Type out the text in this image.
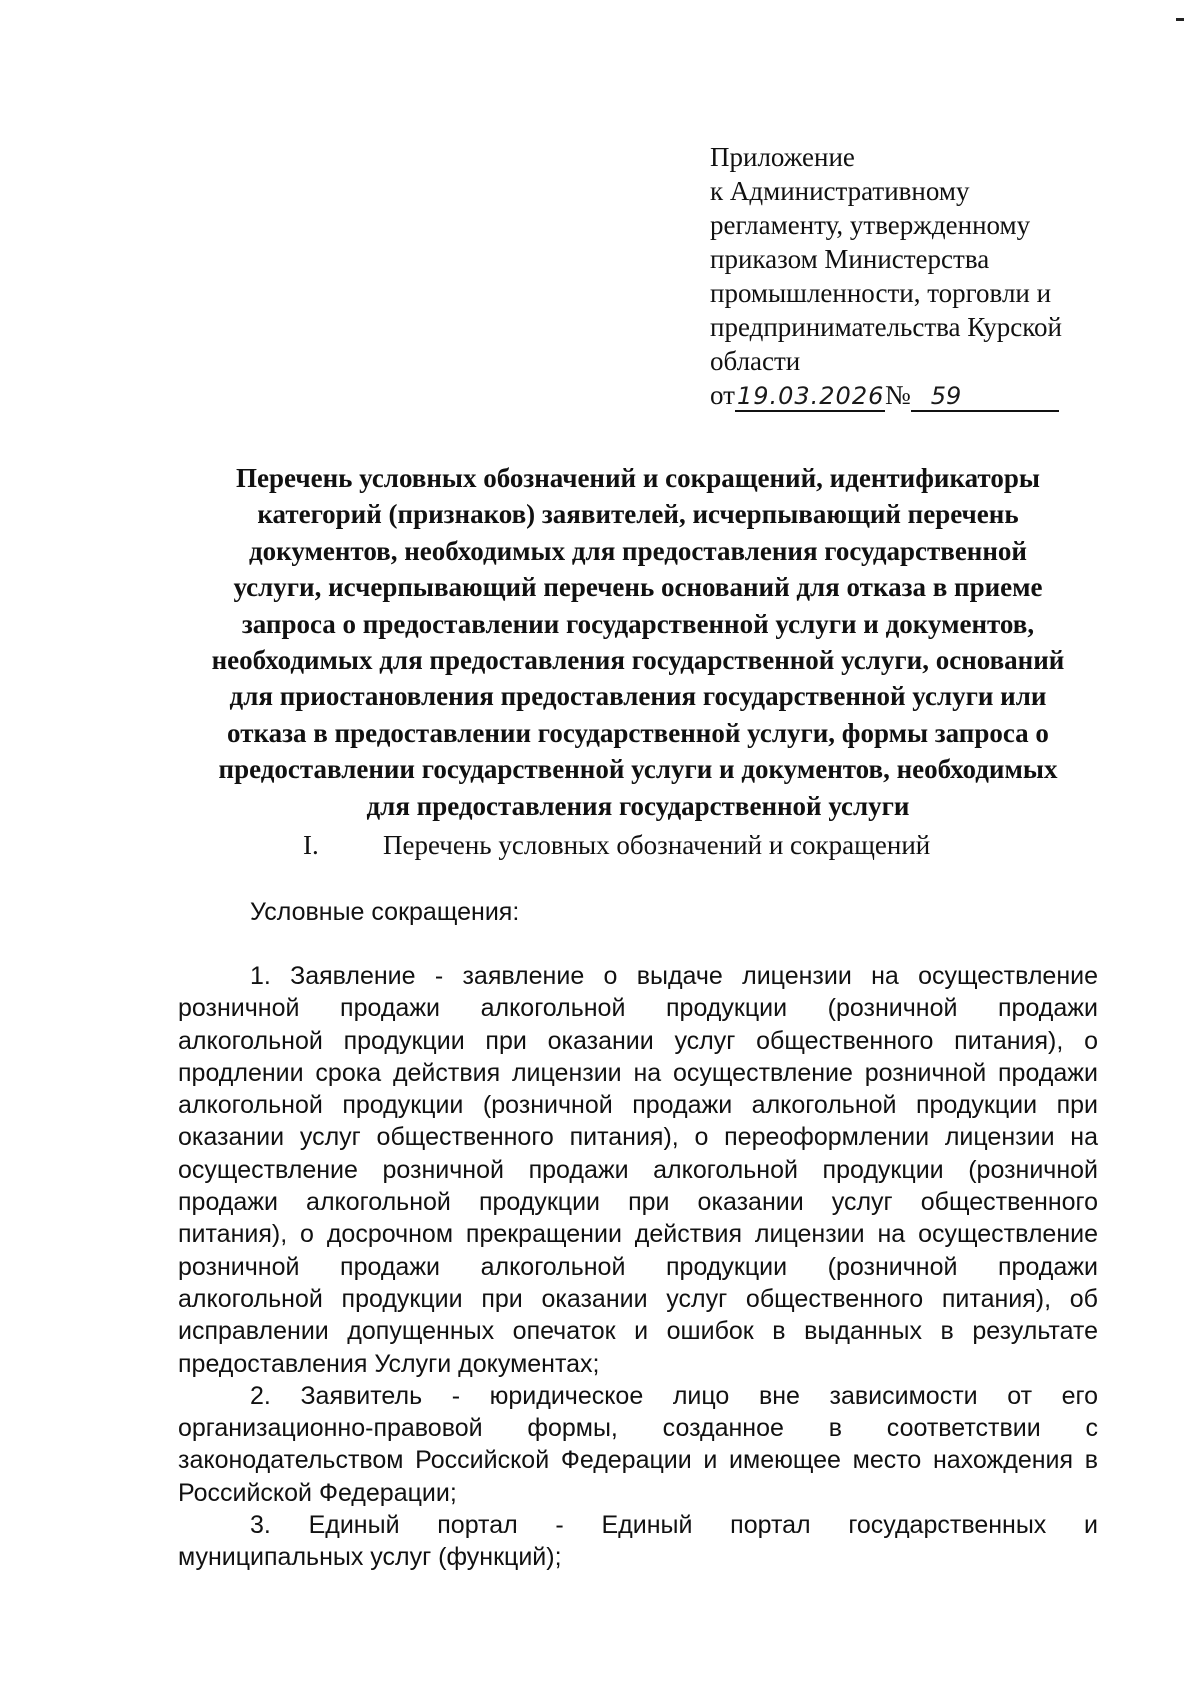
Приложение
к Административному
регламенту, утвержденному
приказом Министерства
промышленности, торговли и
предпринимательства Курской
области
от 19.03.2026 № 59
Перечень условных обозначений и сокращений, идентификаторы
категорий (признаков) заявителей, исчерпывающий перечень
документов, необходимых для предоставления государственной
услуги, исчерпывающий перечень оснований для отказа в приеме
запроса о предоставлении государственной услуги и документов,
необходимых для предоставления государственной услуги, оснований
для приостановления предоставления государственной услуги или
отказа в предоставлении государственной услуги, формы запроса о
предоставлении государственной услуги и документов, необходимых
для предоставления государственной услуги
I. Перечень условных обозначений и сокращений
Условные сокращения:
1. Заявление - заявление о выдаче лицензии на осуществление
розничной продажи алкогольной продукции (розничной продажи
алкогольной продукции при оказании услуг общественного питания), о
продлении срока действия лицензии на осуществление розничной продажи
алкогольной продукции (розничной продажи алкогольной продукции при
оказании услуг общественного питания), о переоформлении лицензии на
осуществление розничной продажи алкогольной продукции (розничной
продажи алкогольной продукции при оказании услуг общественного
питания), о досрочном прекращении действия лицензии на осуществление
розничной продажи алкогольной продукции (розничной продажи
алкогольной продукции при оказании услуг общественного питания), об
исправлении допущенных опечаток и ошибок в выданных в результате
предоставления Услуги документах;
2. Заявитель - юридическое лицо вне зависимости от его
организационно-правовой формы, созданное в соответствии с
законодательством Российской Федерации и имеющее место нахождения в
Российской Федерации;
3. Единый портал - Единый портал государственных и
муниципальных услуг (функций);
